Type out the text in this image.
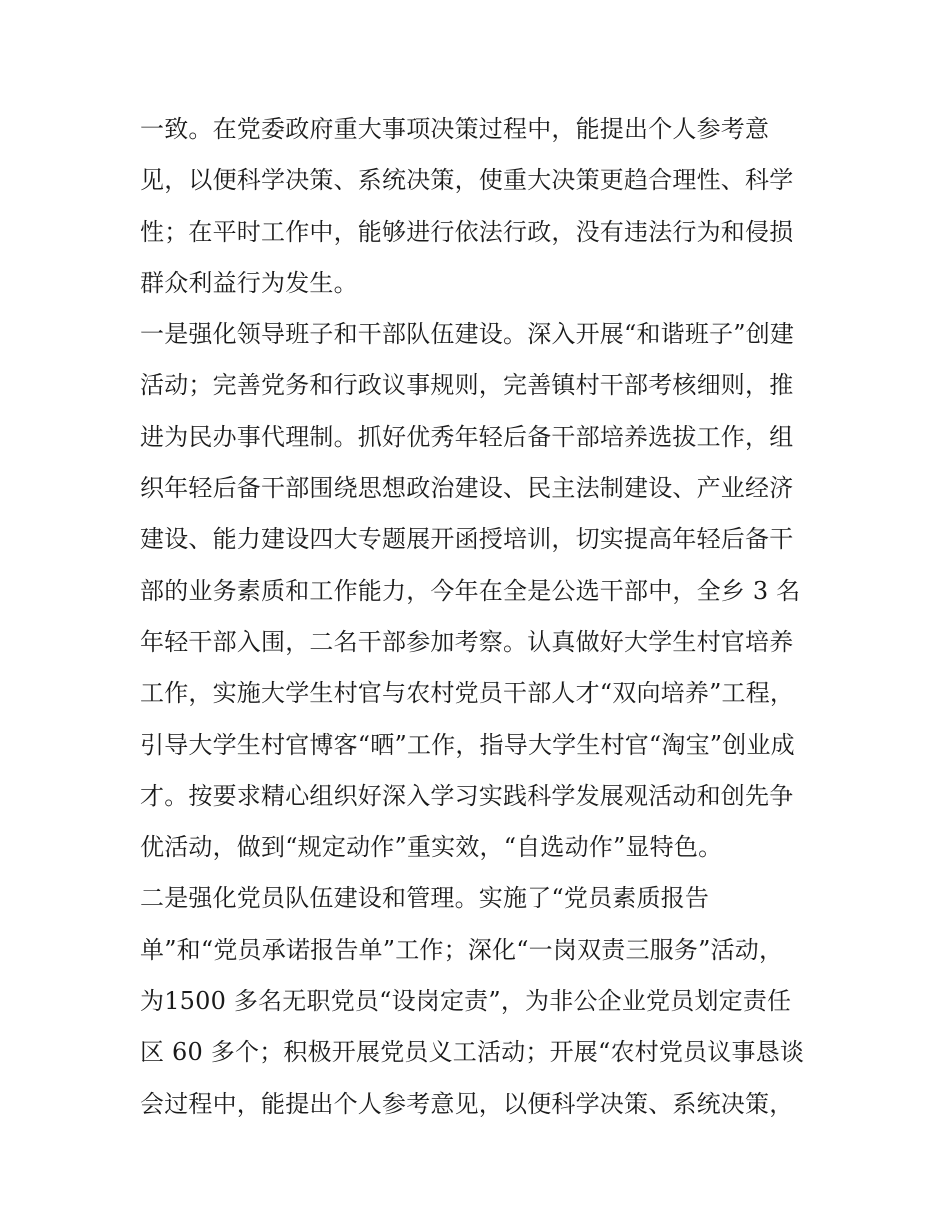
一致。在党委政府重大事项决策过程中，能提出个人参考意
见，以便科学决策、系统决策，使重大决策更趋合理性、科学
性；在平时工作中，能够进行依法行政，没有违法行为和侵损
群众利益行为发生。
一是强化领导班子和干部队伍建设。深入开展“和谐班子”创建
活动；完善党务和行政议事规则，完善镇村干部考核细则，推
进为民办事代理制。抓好优秀年轻后备干部培养选拔工作，组
织年轻后备干部围绕思想政治建设、民主法制建设、产业经济
建设、能力建设四大专题展开函授培训，切实提高年轻后备干
部的业务素质和工作能力，今年在全是公选干部中，全乡 3 名
年轻干部入围，二名干部参加考察。认真做好大学生村官培养
工作，实施大学生村官与农村党员干部人才“双向培养”工程，
引导大学生村官博客“晒”工作，指导大学生村官“淘宝”创业成
才。按要求精心组织好深入学习实践科学发展观活动和创先争
优活动，做到“规定动作”重实效，“自选动作”显特色。
二是强化党员队伍建设和管理。实施了“党员素质报告
单”和“党员承诺报告单”工作；深化“一岗双责三服务”活动，
为1500 多名无职党员“设岗定责”，为非公企业党员划定责任
区 60 多个；积极开展党员义工活动；开展“农村党员议事恳谈
会过程中，能提出个人参考意见，以便科学决策、系统决策，
